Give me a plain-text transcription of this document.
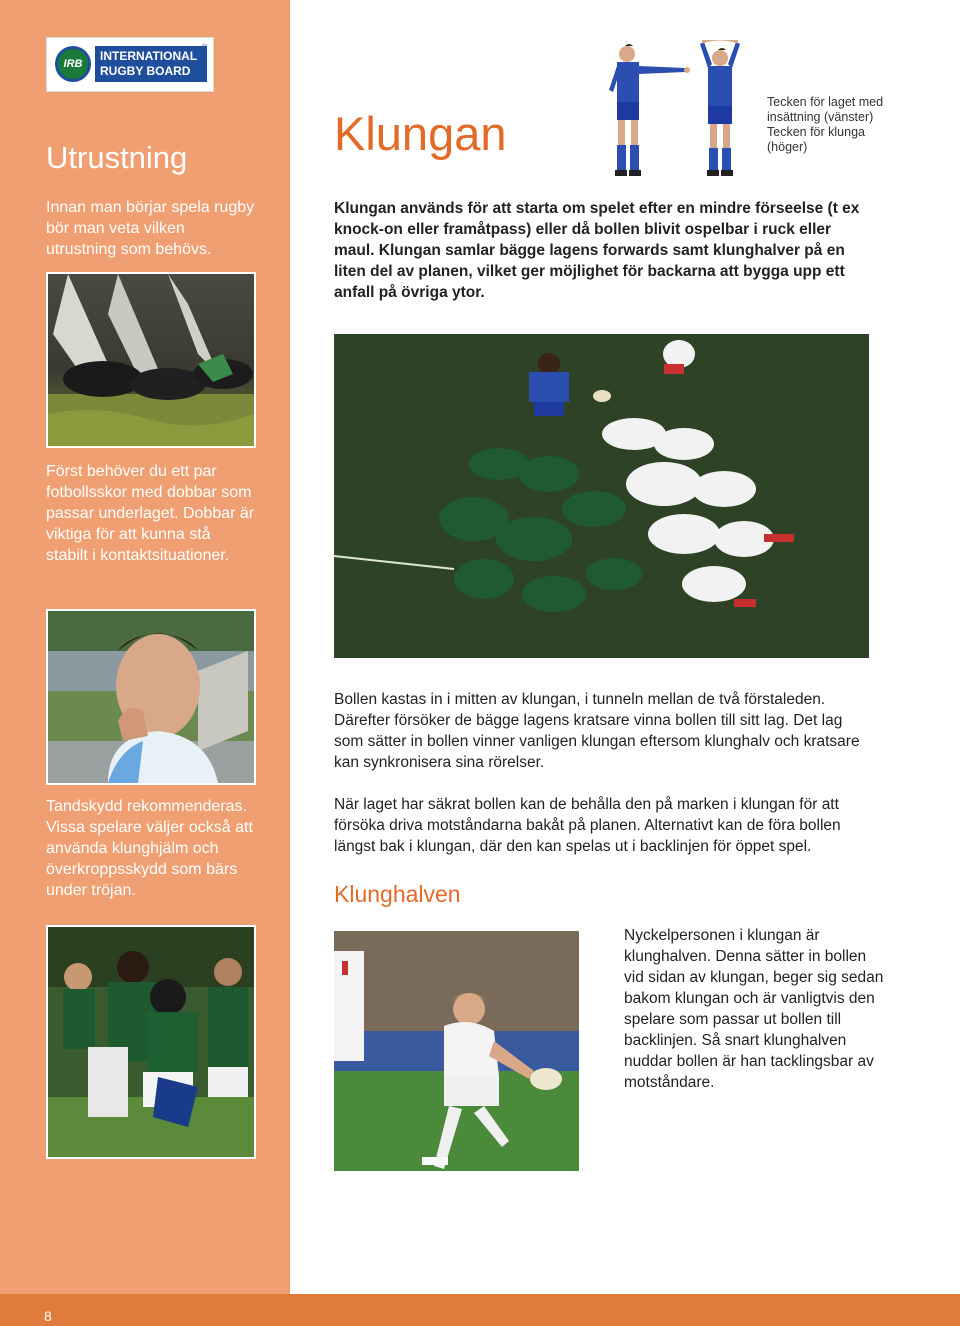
8
IRB
INTERNATIONAL
RUGBY BOARD
®
Utrustning

Innan man börjar spela rugby bör man veta vilken utrustning som behövs.

Först behöver du ett par fotbollsskor med dobbar som passar underlaget. Dobbar är viktiga för att kunna stå stabilt i kontaktsituationer.

Tandskydd rekommenderas. Vissa spelare väljer också att använda klunghjälm och överkroppsskydd som bärs under tröjan.

Klungan
Tecken för laget med insättning (vänster) Tecken för klunga (höger)

Klungan används för att starta om spelet efter en mindre förseelse (t ex knock-on eller framåtpass) eller då bollen blivit ospelbar i ruck eller maul. Klungan samlar bägge lagens forwards samt klunghalver på en liten del av planen, vilket ger möjlighet för backarna att bygga upp ett anfall på övriga ytor.

Bollen kastas in i mitten av klungan, i tunneln mellan de två förstaleden. Därefter försöker de bägge lagens kratsare vinna bollen till sitt lag. Det lag som sätter in bollen vinner vanligen klungan eftersom klunghalv och kratsare kan synkronisera sina rörelser.

När laget har säkrat bollen kan de behålla den på marken i klungan för att försöka driva motståndarna bakåt på planen. Alternativt kan de föra bollen längst bak i klungan, där den kan spelas ut i backlinjen för öppet spel.

Klunghalven

Nyckelpersonen i klungan är klunghalven. Denna sätter in bollen vid sidan av klungan, beger sig sedan bakom klungan och är vanligtvis den spelare som passar ut bollen till backlinjen. Så snart klunghalven nuddar bollen är han tacklingsbar av motståndare.
